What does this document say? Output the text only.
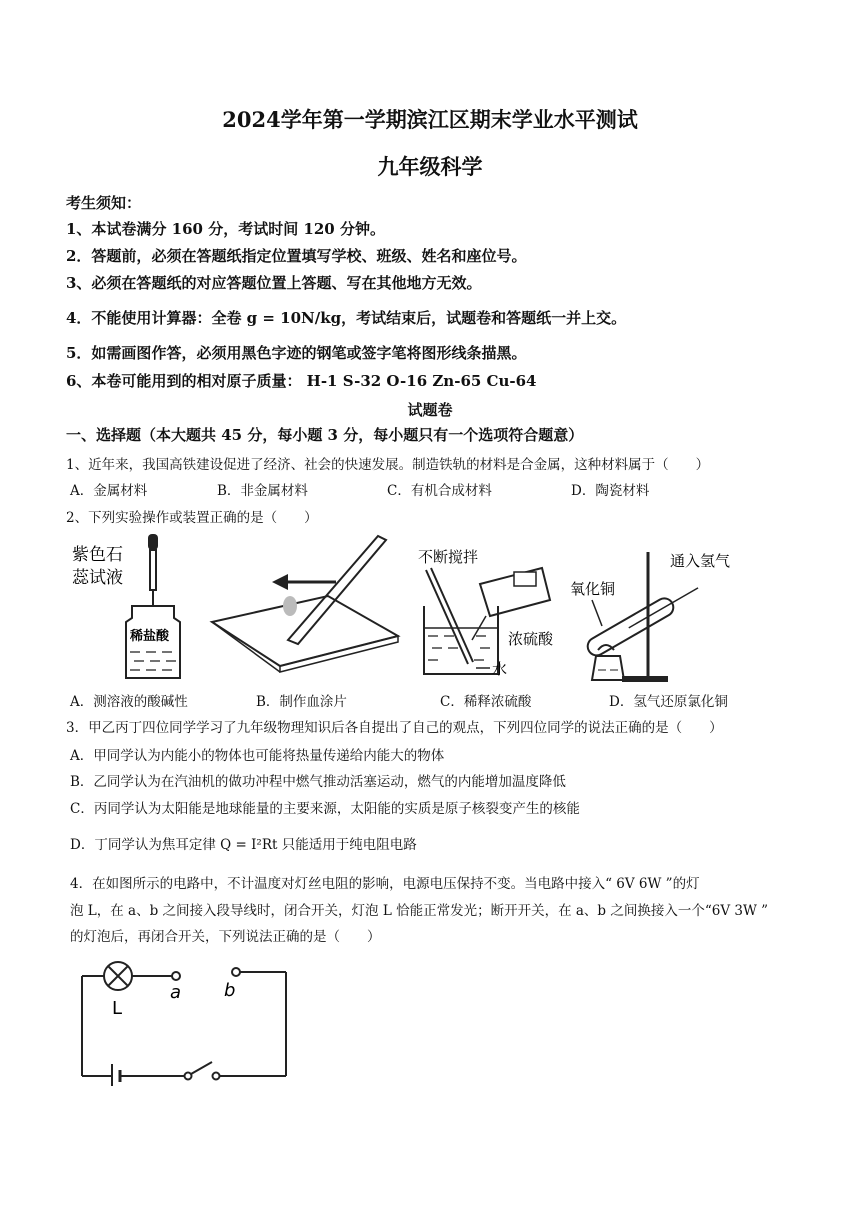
2024学年第一学期滨江区期末学业水平测试
九年级科学
考生须知：
1、本试卷满分 160 分，考试时间 120 分钟。
2．答题前，必须在答题纸指定位置填写学校、班级、姓名和座位号。
3、必须在答题纸的对应答题位置上答题、写在其他地方无效。
4．不能使用计算器：全卷 g = 10N/kg，考试结束后，试题卷和答题纸一并上交。
5．如需画图作答，必须用黑色字迹的钢笔或签字笔将图形线条描黑。
6、本卷可能用到的相对原子质量： H-1 S-32 O-16 Zn-65 Cu-64
试题卷
一、选择题（本大题共 45 分，每小题 3 分，每小题只有一个选项符合题意）
1、近年来，我国高铁建设促进了经济、社会的快速发展。制造铁轨的材料是合金属，这种材料属于（　　）
A．金属材料	B．非金属材料	C．有机合成材料	D．陶瓷材料
2、下列实验操作或装置正确的是（　　）
紫色石
蕊试液
稀盐酸
不断搅拌
浓硫酸
水
通入氢气
氧化铜
A．测溶液的酸碱性	B．制作血涂片	C．稀释浓硫酸	D．氢气还原氯化铜
3．甲乙丙丁四位同学学习了九年级物理知识后各自提出了自己的观点，下列四位同学的说法正确的是（　　）
A．甲同学认为内能小的物体也可能将热量传递给内能大的物体
B．乙同学认为在汽油机的做功冲程中燃气推动活塞运动，燃气的内能增加温度降低
C．丙同学认为太阳能是地球能量的主要来源，太阳能的实质是原子核裂变产生的核能
D．丁同学认为焦耳定律 Q = I²Rt 只能适用于纯电阻电路
4．在如图所示的电路中，不计温度对灯丝电阻的影响，电源电压保持不变。当电路中接入“ 6V 6W ”的灯
泡 L，在 a、b 之间接入段导线时，闭合开关，灯泡 L 恰能正常发光；断开开关，在 a、b 之间换接入一个“6V 3W ”
的灯泡后，再闭合开关，下列说法正确的是（　　）
L
a b
